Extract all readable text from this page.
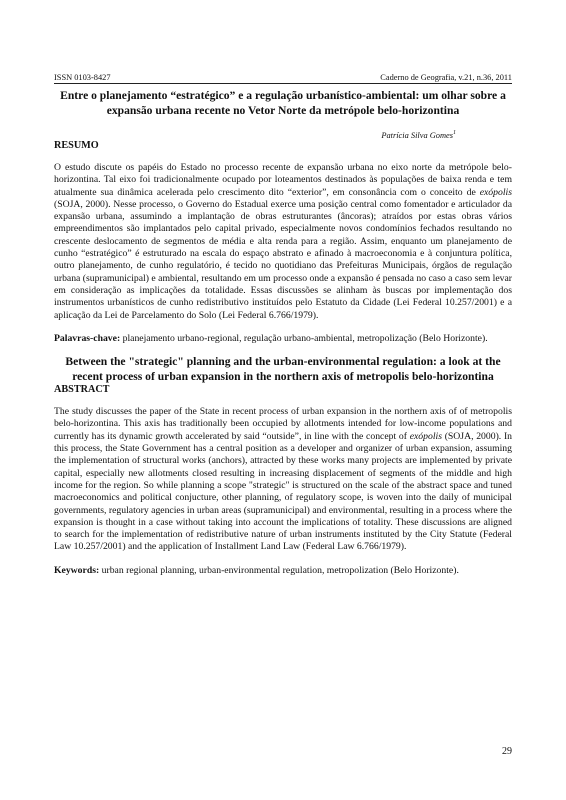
ISSN 0103-8427	Caderno de Geografia, v.21, n.36, 2011

Entre o planejamento “estratégico” e a regulação urbanístico-ambiental: um olhar sobre a expansão urbana recente no Vetor Norte da metrópole belo-horizontina

Patrícia Silva Gomes$^1$

RESUMO

O estudo discute os papéis do Estado no processo recente de expansão urbana no eixo norte da metrópole belo-horizontina. Tal eixo foi tradicionalmente ocupado por loteamentos destinados às populações de baixa renda e tem atualmente sua dinâmica acelerada pelo crescimento dito “exterior”, em consonância com o conceito de exópolis (SOJA, 2000). Nesse processo, o Governo do Estadual exerce uma posição central como fomentador e articulador da expansão urbana, assumindo a implantação de obras estruturantes (âncoras); atraídos por estas obras vários empreendimentos são implantados pelo capital privado, especialmente novos condomínios fechados resultando no crescente deslocamento de segmentos de média e alta renda para a região. Assim, enquanto um planejamento de cunho “estratégico” é estruturado na escala do espaço abstrato e afinado à macroeconomia e à conjuntura política, outro planejamento, de cunho regulatório, é tecido no quotidiano das Prefeituras Municipais, órgãos de regulação urbana (supramunicipal) e ambiental, resultando em um processo onde a expansão é pensada no caso a caso sem levar em consideração as implicações da totalidade. Essas discussões se alinham às buscas por implementação dos instrumentos urbanísticos de cunho redistributivo instituídos pelo Estatuto da Cidade (Lei Federal 10.257/2001) e a aplicação da Lei de Parcelamento do Solo (Lei Federal 6.766/1979).

Palavras-chave: planejamento urbano-regional, regulação urbano-ambiental, metropolização (Belo Horizonte).

Between the "strategic" planning and the urban-environmental regulation: a look at the recent process of urban expansion in the northern axis of metropolis belo-horizontina

ABSTRACT

The study discusses the paper of the State in recent process of urban expansion in the northern axis of of metropolis belo-horizontina. This axis has traditionally been occupied by allotments intended for low-income populations and currently has its dynamic growth accelerated by said “outside”, in line with the concept of exópolis (SOJA, 2000). In this process, the State Government has a central position as a developer and organizer of urban expansion, assuming the implementation of structural works (anchors), attracted by these works many projects are implemented by private capital, especially new allotments closed resulting in increasing displacement of segments of the middle and high income for the region. So while planning a scope "strategic" is structured on the scale of the abstract space and tuned macroeconomics and political conjucture, other planning, of regulatory scope, is woven into the daily of municipal governments, regulatory agencies in urban areas (supramunicipal) and environmental, resulting in a process where the expansion is thought in a case without taking into account the implications of totality. These discussions are aligned to search for the implementation of redistributive nature of urban instruments instituted by the City Statute (Federal Law 10.257/2001) and the application of Installment Land Law (Federal Law 6.766/1979).

Keywords: urban regional planning, urban-environmental regulation, metropolization (Belo Horizonte).

29
